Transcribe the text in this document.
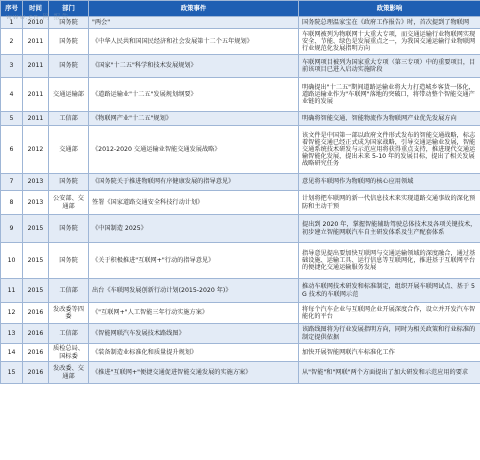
序号	时间	部门	政策事件	政策影响
1	2010	国务院	"两会"	国务院总理温家宝在《政府工作报告》时，首次提到了物联网
2	2011	国务院	《中华人民共和国国民经济和社会发展第十二个五年规划》	车联网被列为物联网十大重大专项，而交通运输行业物联网实现安全、节能、绿色是发展重点之一，为我国交通运输行业物联网行业规范化发展指明方向
3	2011	国务院	《国家"十二五"科学和技术发展规划》	车联网项目被列为国家重大专项（第三专项）中的重要项目，目前该项目已进入启动实施阶段
4	2011	交通运输部	《道路运输业"十二五"发展规划纲要》	明确提出"十二五"期间道路运输业将大力打造城乡客货一体化，道路运输业作为"车联网"落地的突破口，将带动整个智能交通产业链的发展
5	2011	工信部	《物联网产业"十二五"规划》	明确将智能交通、智能物流作为物联网产业优先发展方向
6	2012	交通部	《2012-2020 交通运输业智能交通发展战略》	该文件是中国第一部以政府文件形式发布的智能交通战略，标志着智能交通已经正式成为国家战略，引导交通运输业发展，智能交通系统技术研发与示范应用将获得重点支持，推进现代交通运输智能化发展，提出未来 5-10 年的发展目标，提出了相关发展战略研究任务
7	2013	国务院	《国务院关于推进物联网有序健康发展的指导意见》	意见将车联网作为物联网的核心应用领域
8	2013	公安部、交通部	签署《国家道路交通安全科技行动计划》	计划将把车联网的新一代信息技术来实现道路交通事故的深化预防和主动干预
9	2015	国务院	《中国制造 2025》	提出到 2020 年，掌握智能辅助驾驶总体技术及各项关键技术，初步建立智能网联汽车自主研发体系及生产配套体系
10	2015	国务院	《关于积极推进"互联网+"行动的指导意见》	指导意见提出要加快互联网与交通运输领域的深度融合，通过基础设施、运输工具、运行信息等互联网化，推进基于互联网平台的便捷化交通运输服务发展
11	2015	工信部	出台《车联网发展创新行动计划(2015-2020 年)》	推动车联网技术研发和标准制定，组织开展车联网试点、基于 5G 技术的车联网示范
12	2016	发改委等四委	《"互联网+"人工智能三年行动实施方案》	将每个汽车企业与互联网企业开展深度合作，设立并开发汽车智能化的平台
13	2016	工信部	《智能网联汽车发展技术路线图》	该路线图将为行业发展指明方向，同时为相关政策和行业标准的制定提供依据
14	2016	质检总局、国标委	《装备制造业标准化和质量提升规划》	加快开展智能网联汽车标准化工作
15	2016	发改委、交通部	《推进"互联网+"便捷交通促进智能交通发展的实施方案》	从"智能"和"网联"两个方面提出了加大研发和示范应用的要求
www.cn 网 报告
